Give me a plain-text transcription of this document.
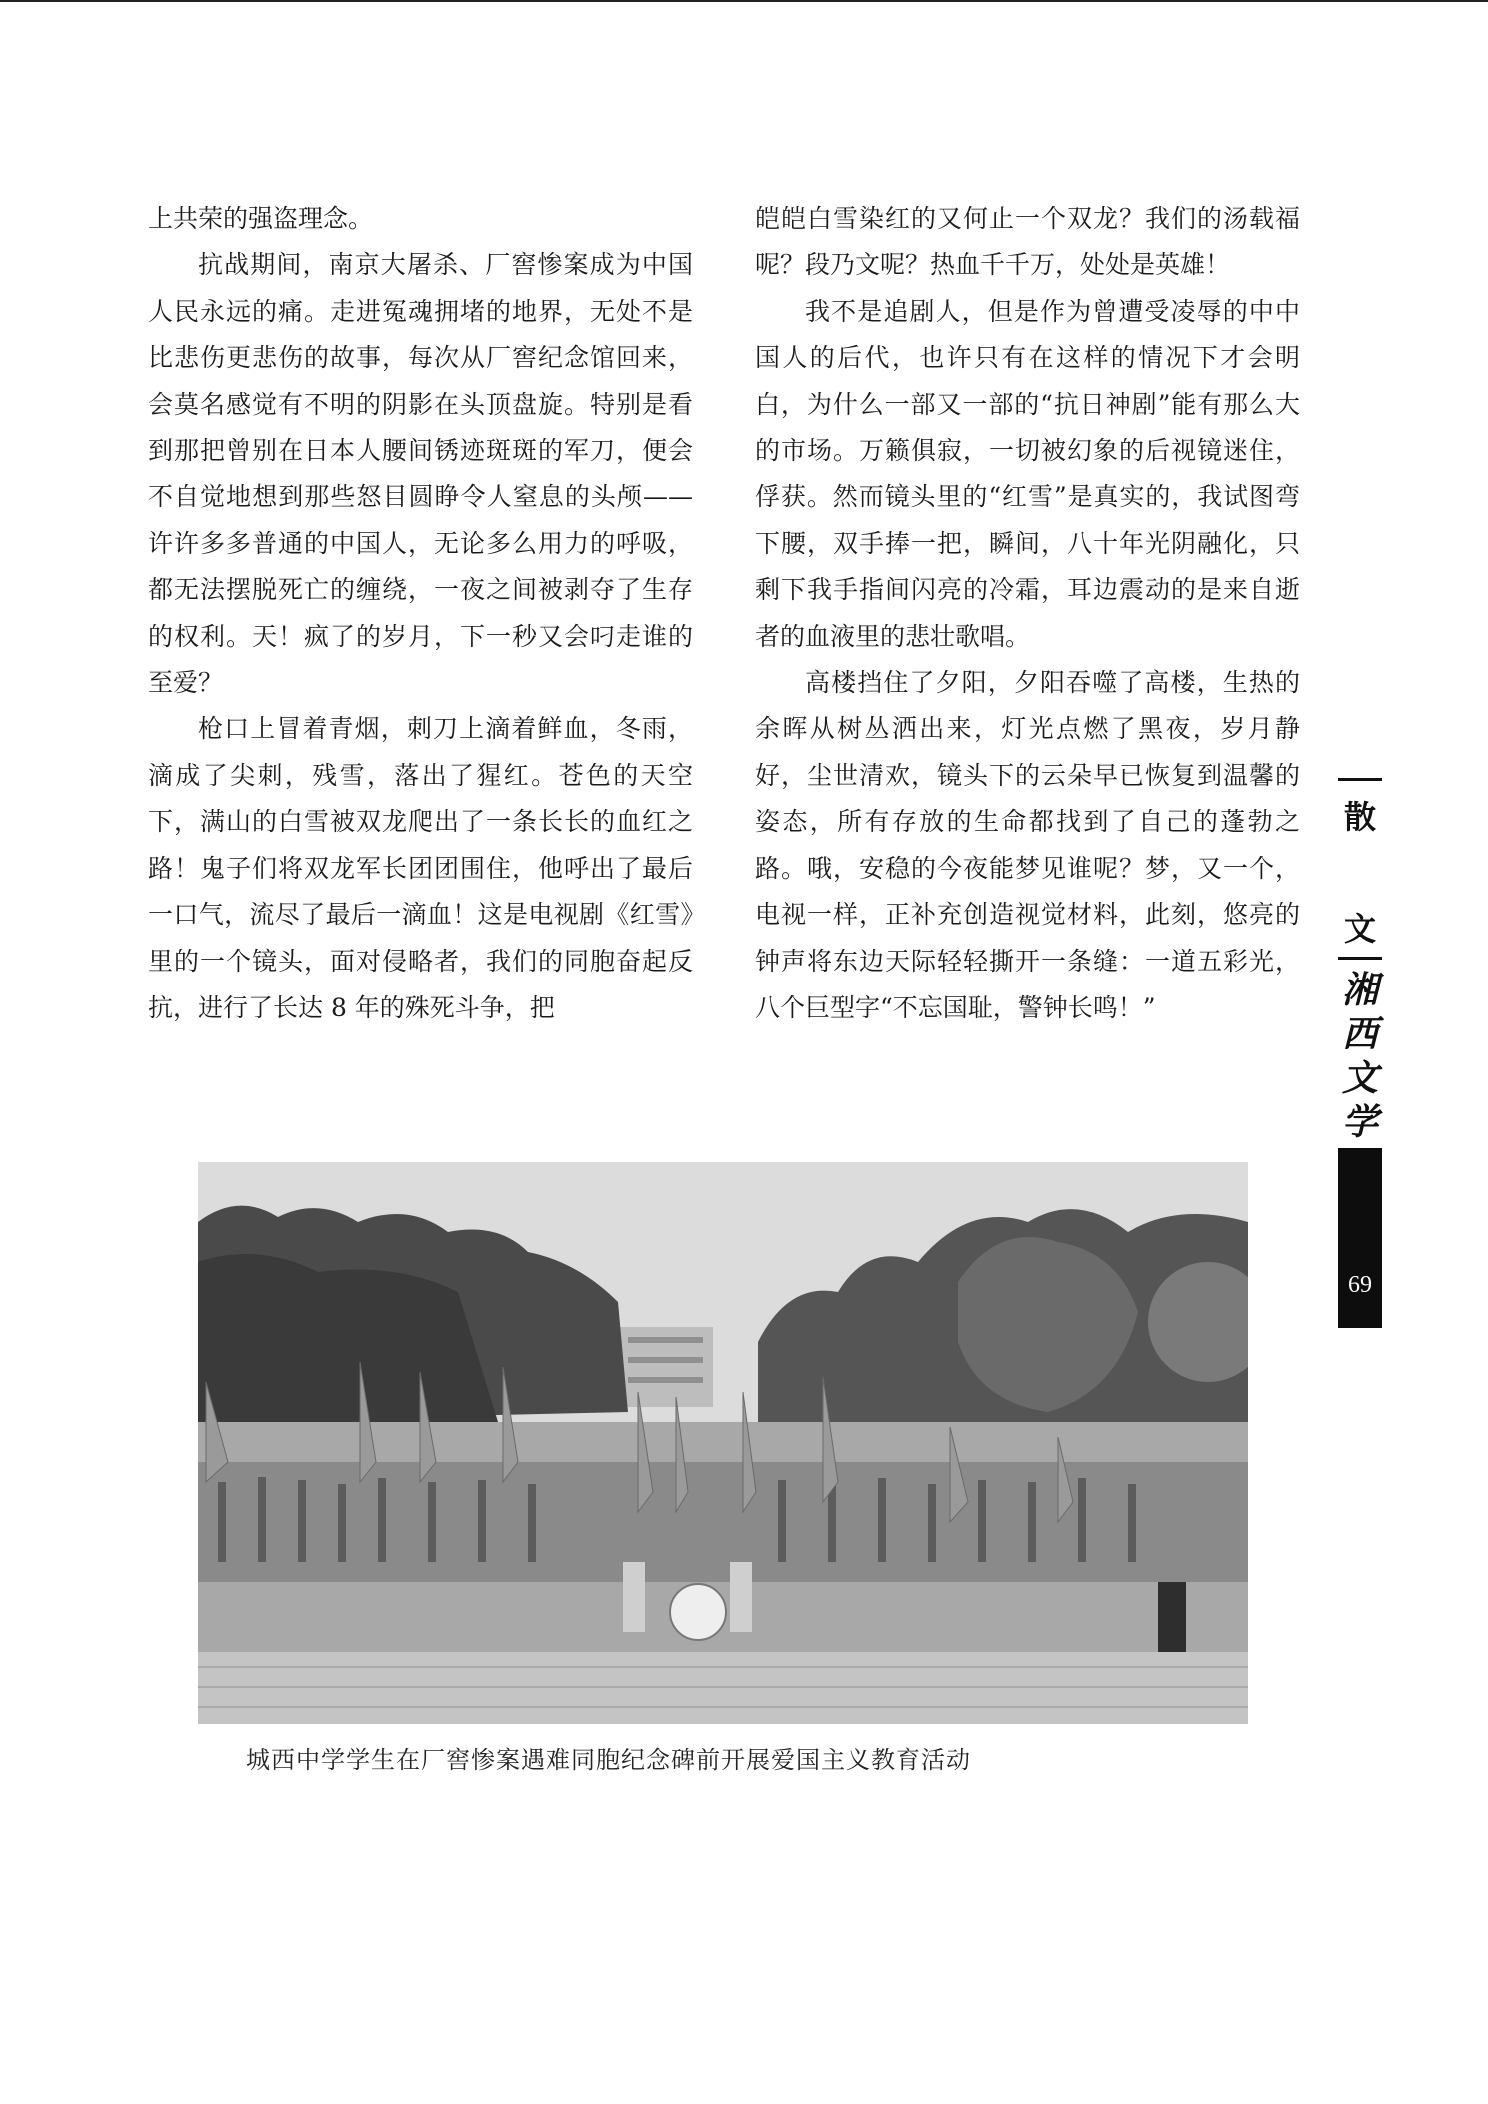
上共荣的强盗理念。

抗战期间，南京大屠杀、厂窖惨案成为中国人民永远的痛。走进冤魂拥堵的地界，无处不是比悲伤更悲伤的故事，每次从厂窖纪念馆回来，会莫名感觉有不明的阴影在头顶盘旋。特别是看到那把曾别在日本人腰间锈迹斑斑的军刀，便会不自觉地想到那些怒目圆睁令人窒息的头颅——许许多多普通的中国人，无论多么用力的呼吸，都无法摆脱死亡的缠绕，一夜之间被剥夺了生存的权利。天！疯了的岁月，下一秒又会叼走谁的至爱？

枪口上冒着青烟，刺刀上滴着鲜血，冬雨，滴成了尖刺，残雪，落出了猩红。苍色的天空下，满山的白雪被双龙爬出了一条长长的血红之路！鬼子们将双龙军长团团围住，他呼出了最后一口气，流尽了最后一滴血！这是电视剧《红雪》里的一个镜头，面对侵略者，我们的同胞奋起反抗，进行了长达 8 年的殊死斗争，把

皑皑白雪染红的又何止一个双龙？我们的汤载福呢？段乃文呢？热血千千万，处处是英雄！

我不是追剧人，但是作为曾遭受凌辱的中中国人的后代，也许只有在这样的情况下才会明白，为什么一部又一部的“抗日神剧”能有那么大的市场。万籁俱寂，一切被幻象的后视镜迷住，俘获。然而镜头里的“红雪”是真实的，我试图弯下腰，双手捧一把，瞬间，八十年光阴融化，只剩下我手指间闪亮的冷霜，耳边震动的是来自逝者的血液里的悲壮歌唱。

高楼挡住了夕阳，夕阳吞噬了高楼，生热的余晖从树丛洒出来，灯光点燃了黑夜，岁月静好，尘世清欢，镜头下的云朵早已恢复到温馨的姿态，所有存放的生命都找到了自己的蓬勃之路。哦，安稳的今夜能梦见谁呢？梦，又一个，电视一样，正补充创造视觉材料，此刻，悠亮的钟声将东边天际轻轻撕开一条缝：一道五彩光，八个巨型字“不忘国耻，警钟长鸣！”

散
文
湘
西
文
学
69
城西中学学生在厂窖惨案遇难同胞纪念碑前开展爱国主义教育活动
